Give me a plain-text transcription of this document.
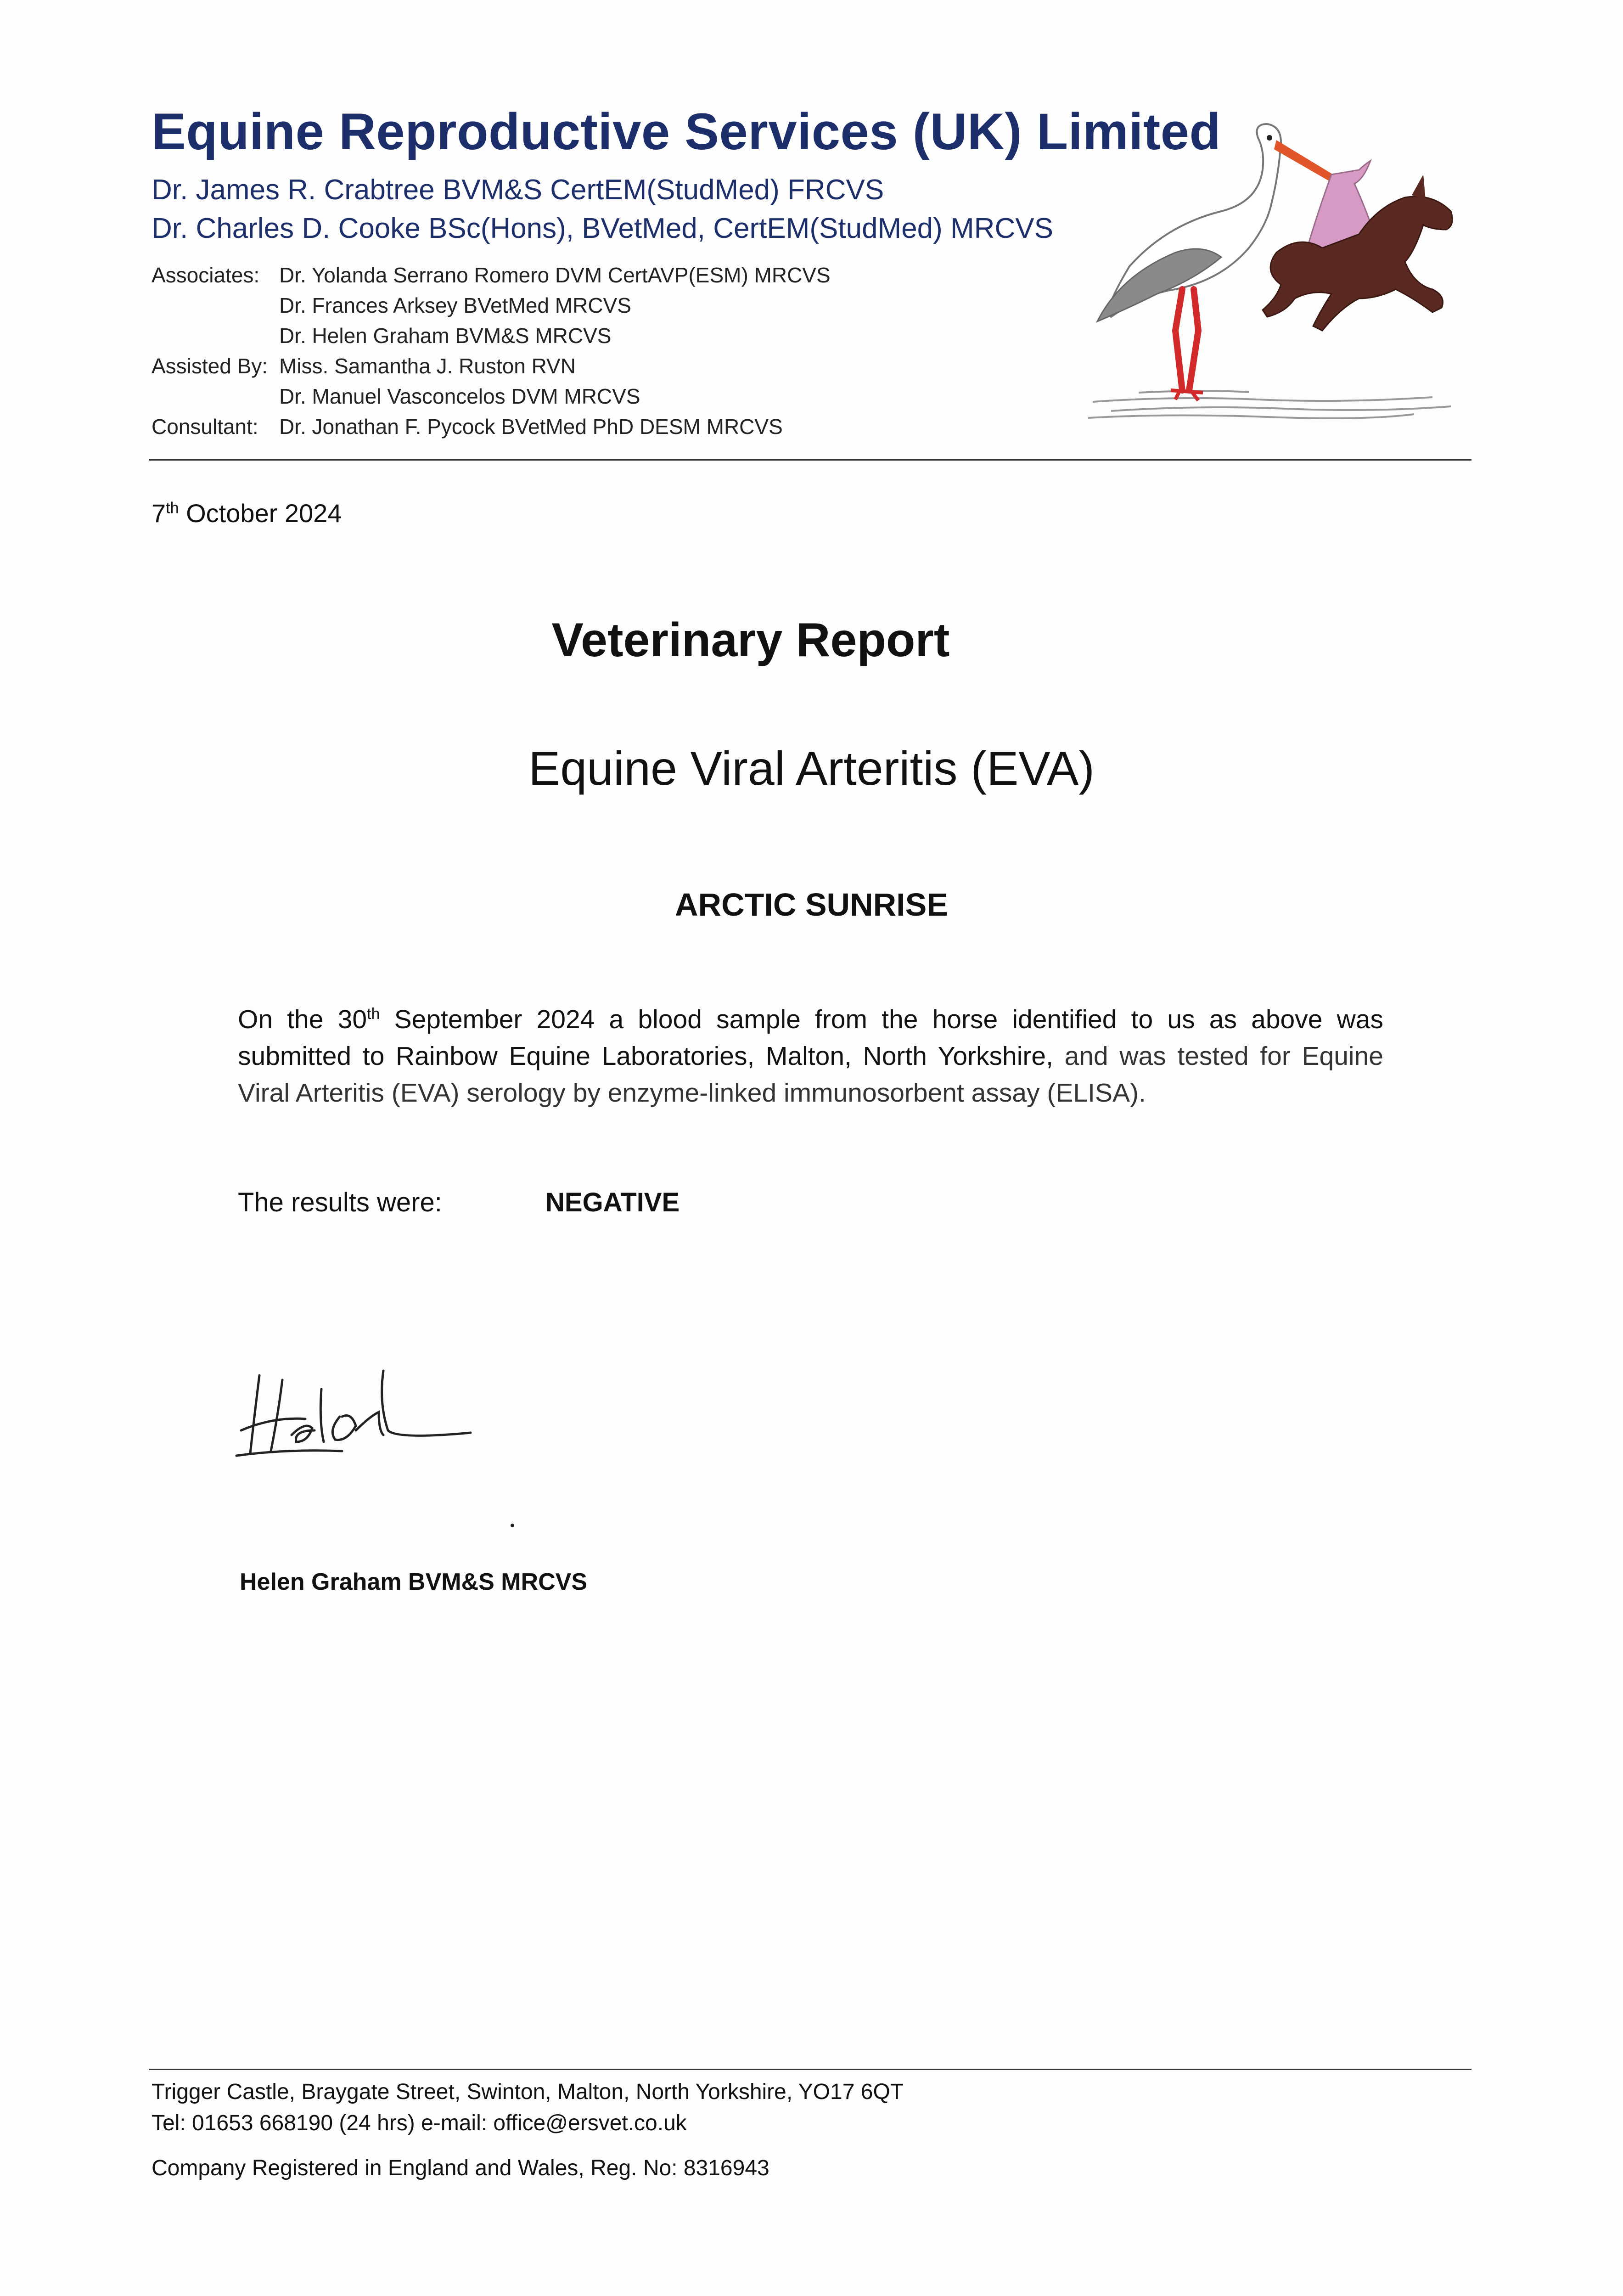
Equine Reproductive Services (UK) Limited
Dr. James R. Crabtree BVM&S CertEM(StudMed) FRCVS
Dr. Charles D. Cooke BSc(Hons), BVetMed, CertEM(StudMed) MRCVS
Associates: Dr. Yolanda Serrano Romero DVM CertAVP(ESM) MRCVS
Dr. Frances Arksey BVetMed MRCVS
Dr. Helen Graham BVM&S MRCVS
Assisted By: Miss. Samantha J. Ruston RVN
Dr. Manuel Vasconcelos DVM MRCVS
Consultant: Dr. Jonathan F. Pycock BVetMed PhD DESM MRCVS
7th October 2024
Veterinary Report
Equine Viral Arteritis (EVA)
ARCTIC SUNRISE
On the 30th September 2024 a blood sample from the horse identified to us as above was
submitted to Rainbow Equine Laboratories, Malton, North Yorkshire, and was tested for Equine
Viral Arteritis (EVA) serology by enzyme-linked immunosorbent assay (ELISA).
The results were:	NEGATIVE
Helen Graham BVM&S MRCVS
Trigger Castle, Braygate Street, Swinton, Malton, North Yorkshire, YO17 6QT
Tel: 01653 668190 (24 hrs) e-mail: office@ersvet.co.uk
Company Registered in England and Wales, Reg. No: 8316943
